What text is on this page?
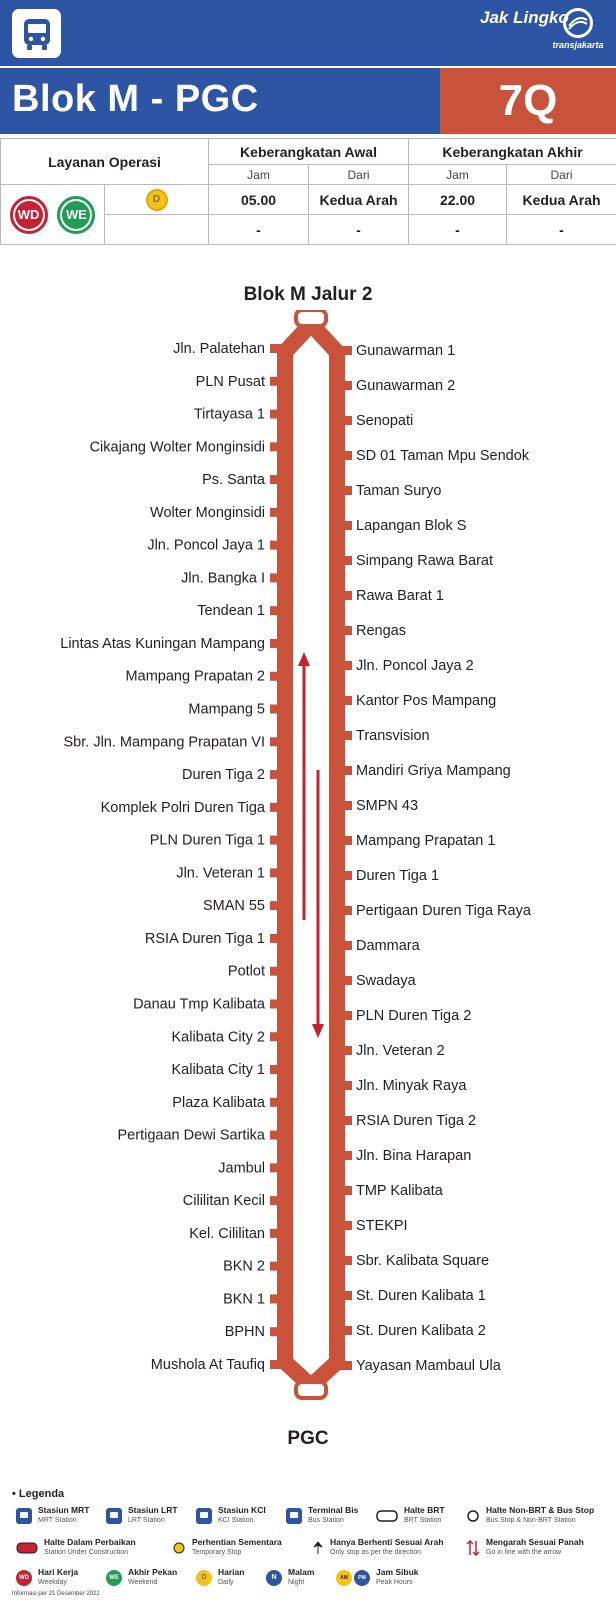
Jak Lingko
transjakarta
Blok M - PGC	7Q
Layanan Operasi		Keberangkatan Awal		Keberangkatan Akhir	
		Jam	Dari	Jam	Dari
WD WE	D	05.00	Kedua Arah	22.00	Kedua Arah
		-	-	-	-
Blok M Jalur 2
PGC
Jln. Palatehan
PLN Pusat
Tirtayasa 1
Cikajang Wolter Monginsidi
Ps. Santa
Wolter Monginsidi
Jln. Poncol Jaya 1
Jln. Bangka I
Tendean 1
Lintas Atas Kuningan Mampang
Mampang Prapatan 2
Mampang 5
Sbr. Jln. Mampang Prapatan VI
Duren Tiga 2
Komplek Polri Duren Tiga
PLN Duren Tiga 1
Jln. Veteran 1
SMAN 55
RSIA Duren Tiga 1
Potlot
Danau Tmp Kalibata
Kalibata City 2
Kalibata City 1
Plaza Kalibata
Pertigaan Dewi Sartika
Jambul
Cililitan Kecil
Kel. Cililitan
BKN 2
BKN 1
BPHN
Mushola At Taufiq
Gunawarman 1
Gunawarman 2
Senopati
SD 01 Taman Mpu Sendok
Taman Suryo
Lapangan Blok S
Simpang Rawa Barat
Rawa Barat 1
Rengas
Jln. Poncol Jaya 2
Kantor Pos Mampang
Transvision
Mandiri Griya Mampang
SMPN 43
Mampang Prapatan 1
Duren Tiga 1
Pertigaan Duren Tiga Raya
Dammara
Swadaya
PLN Duren Tiga 2
Jln. Veteran 2
Jln. Minyak Raya
RSIA Duren Tiga 2
Jln. Bina Harapan
TMP Kalibata
STEKPI
Sbr. Kalibata Square
St. Duren Kalibata 1
St. Duren Kalibata 2
Yayasan Mambaul Ula
• Legenda
Stasiun MRT
MRT Station
Stasiun LRT
LRT Station
Stasiun KCI
KCI Station
Terminal Bis
Bus Station
Halte BRT
BRT Station
Halte Non-BRT & Bus Stop
Bus Stop & Non-BRT Station
Halte Dalam Perbaikan
Station Under Construction
Perhentian Sementara
Temporary Stop
Hanya Berhenti Sesuai Arah
Only stop as per the direction
Mengarah Sesuai Panah
Go in line with the arrow
WD
Hari Kerja
Weekday
WE
Akhir Pekan
Weekend
D
Harian
Daily
N
Malam
Night
AM	PM
Jam Sibuk
Peak Hours
Informasi per 21 Desember 2022
